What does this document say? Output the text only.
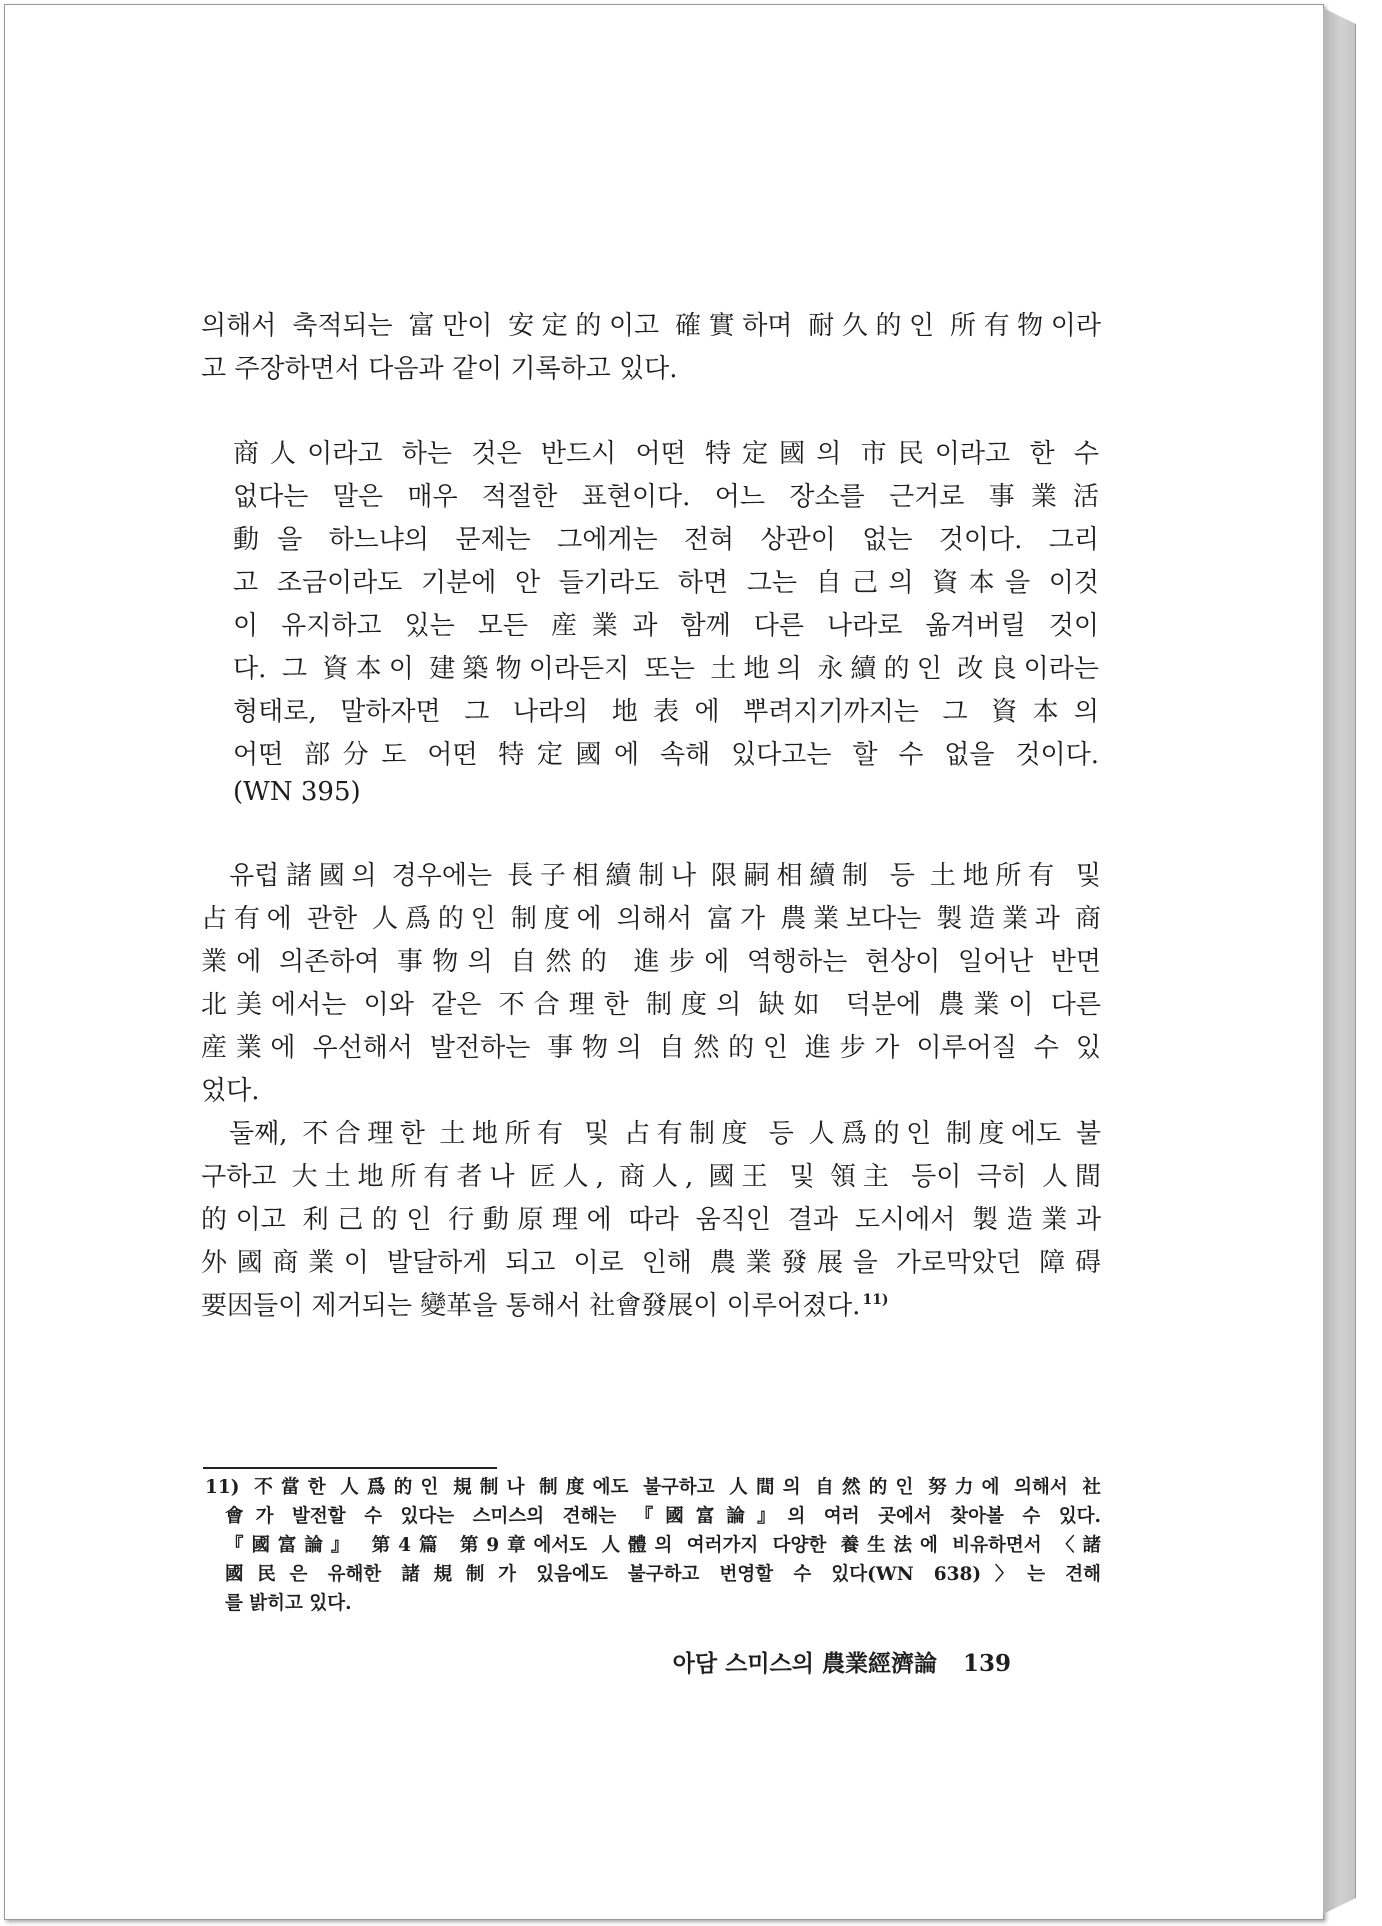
의해서 축적되는 富만이 安定的이고 確實하며 耐久的인 所有物이라
고 주장하면서 다음과 같이 기록하고 있다.
商人이라고 하는 것은 반드시 어떤 特定國의 市民이라고 한 수
없다는 말은 매우 적절한 표현이다. 어느 장소를 근거로 事業活
動을 하느냐의 문제는 그에게는 전혀 상관이 없는 것이다. 그리
고 조금이라도 기분에 안 들기라도 하면 그는 自己의 資本을 이것
이 유지하고 있는 모든 産業과 함께 다른 나라로 옮겨버릴 것이
다. 그 資本이 建築物이라든지 또는 土地의 永續的인 改良이라는
형태로, 말하자면 그 나라의 地表에 뿌려지기까지는 그 資本의
어떤 部分도 어떤 特定國에 속해 있다고는 할 수 없을 것이다.
(WN 395)
유럽諸國의 경우에는 長子相續制나 限嗣相續制 등 土地所有 및
占有에 관한 人爲的인 制度에 의해서 富가 農業보다는 製造業과 商
業에 의존하여 事物의 自然的 進步에 역행하는 현상이 일어난 반면
北美에서는 이와 같은 不合理한 制度의 缺如 덕분에 農業이 다른
産業에 우선해서 발전하는 事物의 自然的인 進步가 이루어질 수 있
었다.
둘째, 不合理한 土地所有 및 占有制度 등 人爲的인 制度에도 불
구하고 大土地所有者나 匠人, 商人, 國王 및 領主 등이 극히 人間
的이고 利己的인 行動原理에 따라 움직인 결과 도시에서 製造業과
外國商業이 발달하게 되고 이로 인해 農業發展을 가로막았던 障碍
要因들이 제거되는 變革을 통해서 社會發展이 이루어졌다. $^{11)}$
11) 不當한 人爲的인 規制나 制度에도 불구하고 人間의 自然的인 努力에 의해서 社
會가 발전할 수 있다는 스미스의 견해는 『國富論』의 여러 곳에서 찾아볼 수 있다.
『國富論』 第4篇 第9章에서도 人體의 여러가지 다양한 養生法에 비유하면서 〈諸
國民은 유해한 諸規制가 있음에도 불구하고 번영할 수 있다(WN 638)〉는 견해
를 밝히고 있다.
아담 스미스의 農業經濟論 139
